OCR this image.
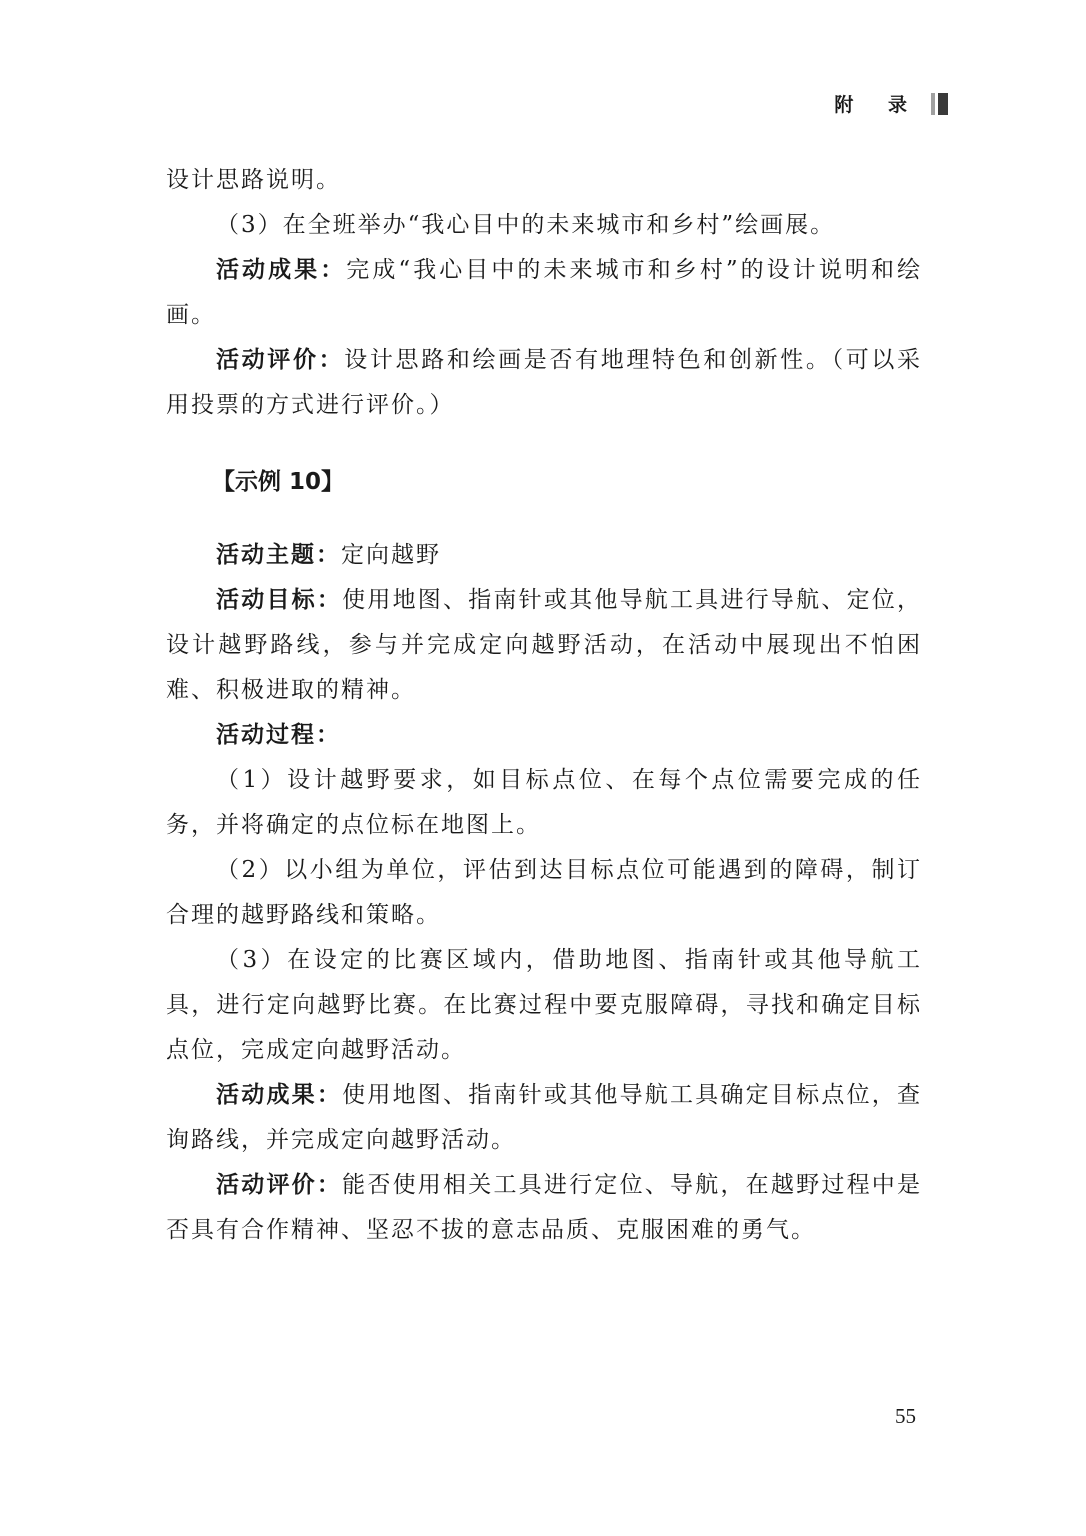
附 录

设计思路说明。

（3）在全班举办“我心目中的未来城市和乡村”绘画展。

活动成果：完成“我心目中的未来城市和乡村”的设计说明和绘画。

活动评价：设计思路和绘画是否有地理特色和创新性。（可以采用投票的方式进行评价。）

【示例 10】

活动主题：定向越野

活动目标：使用地图、指南针或其他导航工具进行导航、定位，设计越野路线，参与并完成定向越野活动，在活动中展现出不怕困难、积极进取的精神。

活动过程：

（1）设计越野要求，如目标点位、在每个点位需要完成的任务，并将确定的点位标在地图上。

（2）以小组为单位，评估到达目标点位可能遇到的障碍，制订合理的越野路线和策略。

（3）在设定的比赛区域内，借助地图、指南针或其他导航工具，进行定向越野比赛。在比赛过程中要克服障碍，寻找和确定目标点位，完成定向越野活动。

活动成果：使用地图、指南针或其他导航工具确定目标点位，查询路线，并完成定向越野活动。

活动评价：能否使用相关工具进行定位、导航，在越野过程中是否具有合作精神、坚忍不拔的意志品质、克服困难的勇气。

55
